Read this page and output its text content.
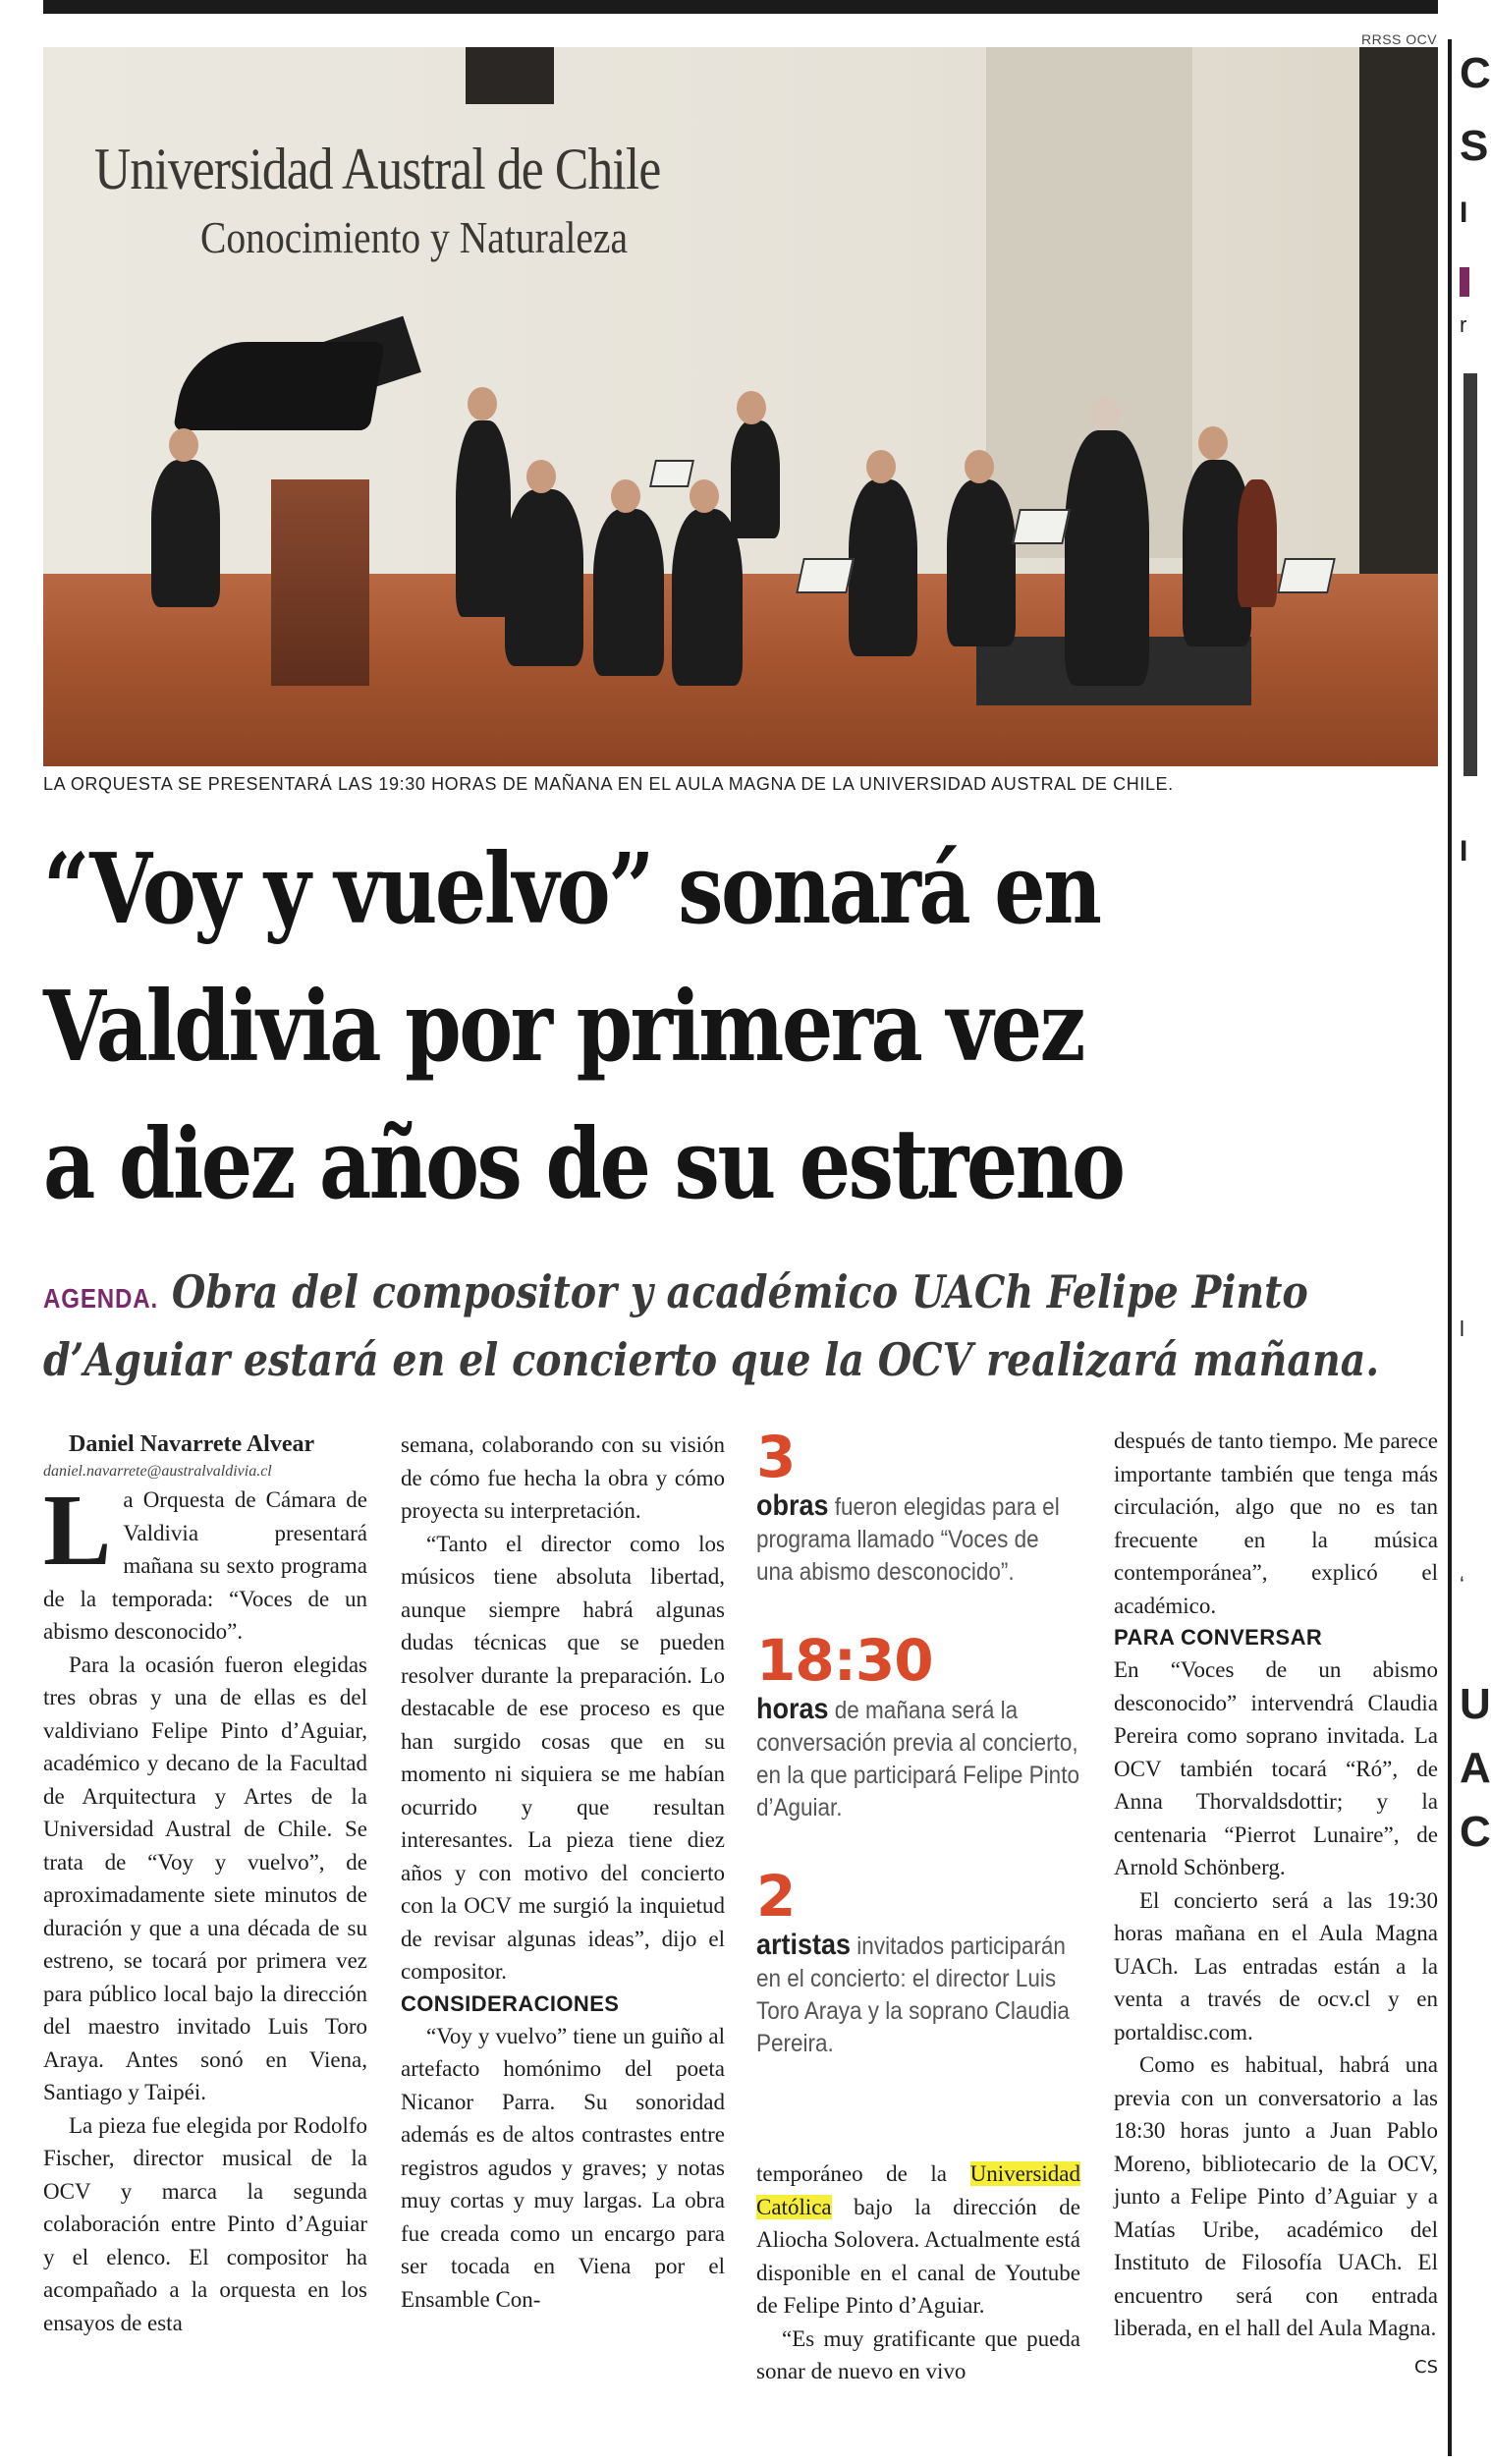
RRSS OCV
C
S
I
r
I
l
‘
U
A
C
Universidad Austral de Chile
Conocimiento y Naturaleza
LA ORQUESTA SE PRESENTARÁ LAS 19:30 HORAS DE MAÑANA EN EL AULA MAGNA DE LA UNIVERSIDAD AUSTRAL DE CHILE.
“Voy y vuelvo” sonará en
Valdivia por primera vez
a diez años de su estreno
AGENDA. Obra del compositor y académico UACh Felipe Pinto
d’Aguiar estará en el concierto que la OCV realizará mañana.

Daniel Navarrete Alvear

daniel.navarrete@australvaldivia.cl

La Orquesta de Cámara de Valdivia presentará mañana su sexto programa de la temporada: “Voces de un abismo desconocido”.

Para la ocasión fueron elegidas tres obras y una de ellas es del valdiviano Felipe Pinto d’Aguiar, académico y decano de la Facultad de Arquitectura y Artes de la Universidad Austral de Chile. Se trata de “Voy y vuelvo”, de aproximadamente siete minutos de duración y que a una década de su estreno, se tocará por primera vez para público local bajo la dirección del maestro invitado Luis Toro Araya. Antes sonó en Viena, Santiago y Taipéi.

La pieza fue elegida por Rodolfo Fischer, director musical de la OCV y marca la segunda colaboración entre Pinto d’Aguiar y el elenco. El compositor ha acompañado a la orquesta en los ensayos de esta

semana, colaborando con su visión de cómo fue hecha la obra y cómo proyecta su interpretación.

“Tanto el director como los músicos tiene absoluta libertad, aunque siempre habrá algunas dudas técnicas que se pueden resolver durante la preparación. Lo destacable de ese proceso es que han surgido cosas que en su momento ni siquiera se me habían ocurrido y que resultan interesantes. La pieza tiene diez años y con motivo del concierto con la OCV me surgió la inquietud de revisar algunas ideas”, dijo el compositor.

CONSIDERACIONES

“Voy y vuelvo” tiene un guiño al artefacto homónimo del poeta Nicanor Parra. Su sonoridad además es de altos contrastes entre registros agudos y graves; y notas muy cortas y muy largas. La obra fue creada como un encargo para ser tocada en Viena por el Ensamble Con-

3
obras fueron elegidas para el programa llamado “Voces de una abismo desconocido”.
18:30
horas de mañana será la conversación previa al concierto, en la que participará Felipe Pinto d’Aguiar.
2
artistas invitados participarán en el concierto: el director Luis Toro Araya y la soprano Claudia Pereira.

temporáneo de la Universidad Católica bajo la dirección de Aliocha Solovera. Actualmente está disponible en el canal de Youtube de Felipe Pinto d’Aguiar.

“Es muy gratificante que pueda sonar de nuevo en vivo

después de tanto tiempo. Me parece importante también que tenga más circulación, algo que no es tan frecuente en la música contemporánea”, explicó el académico.

PARA CONVERSAR

En “Voces de un abismo desconocido” intervendrá Claudia Pereira como soprano invitada. La OCV también tocará “Ró”, de Anna Thorvaldsdottir; y la centenaria “Pierrot Lunaire”, de Arnold Schönberg.

El concierto será a las 19:30 horas mañana en el Aula Magna UACh. Las entradas están a la venta a través de ocv.cl y en portaldisc.com.

Como es habitual, habrá una previa con un conversatorio a las 18:30 horas junto a Juan Pablo Moreno, bibliotecario de la OCV, junto a Felipe Pinto d’Aguiar y a Matías Uribe, académico del Instituto de Filosofía UACh. El encuentro será con entrada liberada, en el hall del Aula Magna.
CS
